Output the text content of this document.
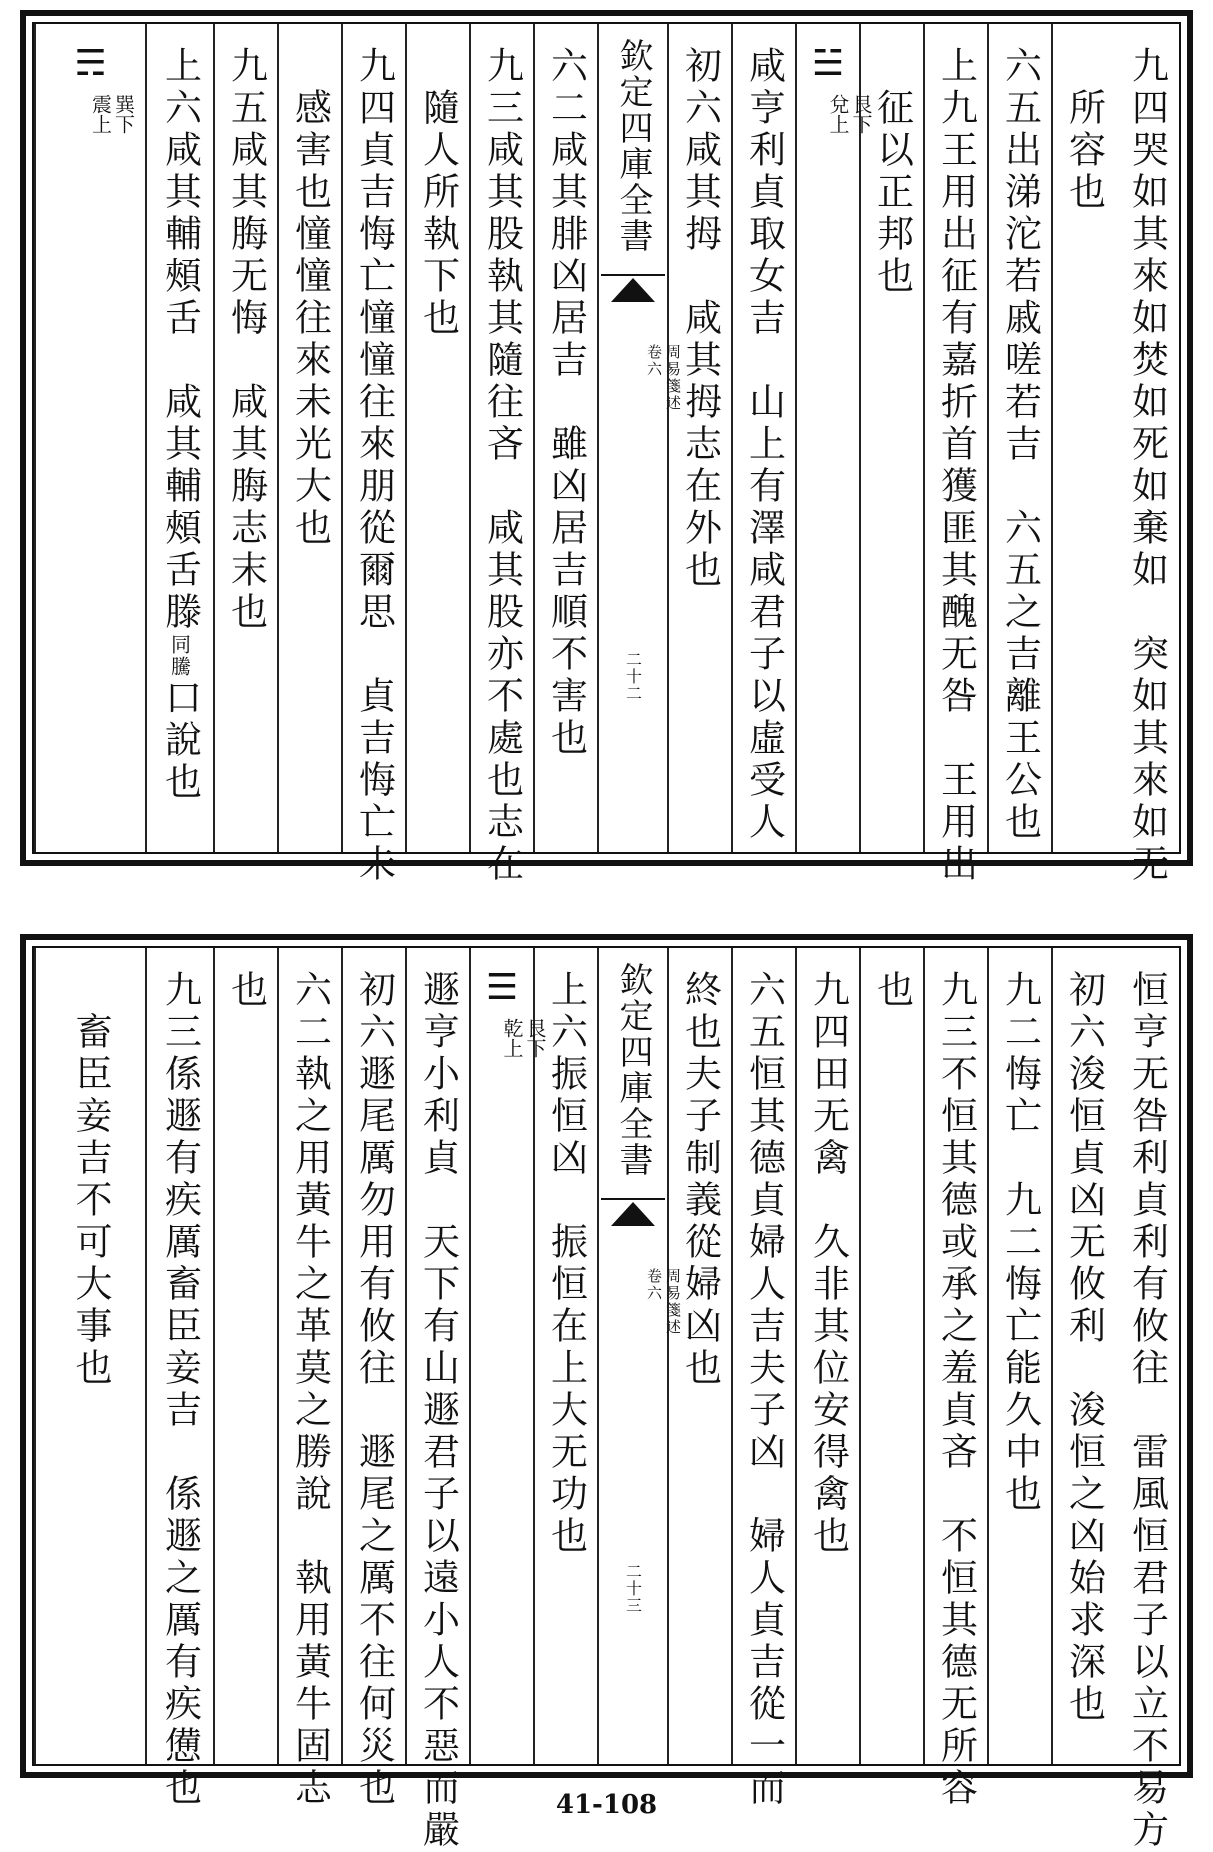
九四哭如其來如焚如死如棄如　突如其來如无
　所容也
六五出涕沱若戚嗟若吉　六五之吉離王公也
上九王用出征有嘉折首獲匪其醜无咎　王用出
　征以正邦也
☱
艮下
兌上
咸亨利貞取女吉　山上有澤咸君子以虛受人
初六咸其拇　咸其拇志在外也
欽定四庫全書
周易箋述
卷六
二十二
六二咸其腓凶居吉　雖凶居吉順不害也
九三咸其股執其隨往吝　咸其股亦不處也志在
　隨人所執下也
九四貞吉悔亡憧憧往來朋從爾思　貞吉悔亡未
　感害也憧憧往來未光大也
九五咸其脢无悔　咸其脢志末也
上六咸其輔頰舌　咸其輔頰舌滕同騰口說也
☴
巽下
震上
恒亨无咎利貞利有攸往　雷風恒君子以立不易方
初六浚恒貞凶无攸利　浚恒之凶始求深也
九二悔亡　九二悔亡能久中也
九三不恒其德或承之羞貞吝　不恒其德无所容
也
九四田无禽　久非其位安得禽也
六五恒其德貞婦人吉夫子凶　婦人貞吉從一而
終也夫子制義從婦凶也
欽定四庫全書
周易箋述
卷六
二十三
上六振恒凶　振恒在上大无功也
☰
艮下
乾上
遯亨小利貞　天下有山遯君子以遠小人不惡而嚴
初六遯尾厲勿用有攸往　遯尾之厲不往何災也
六二執之用黃牛之革莫之勝說　執用黃牛固志
也
九三係遯有疾厲畜臣妾吉　係遯之厲有疾憊也
　畜臣妾吉不可大事也
41-108
